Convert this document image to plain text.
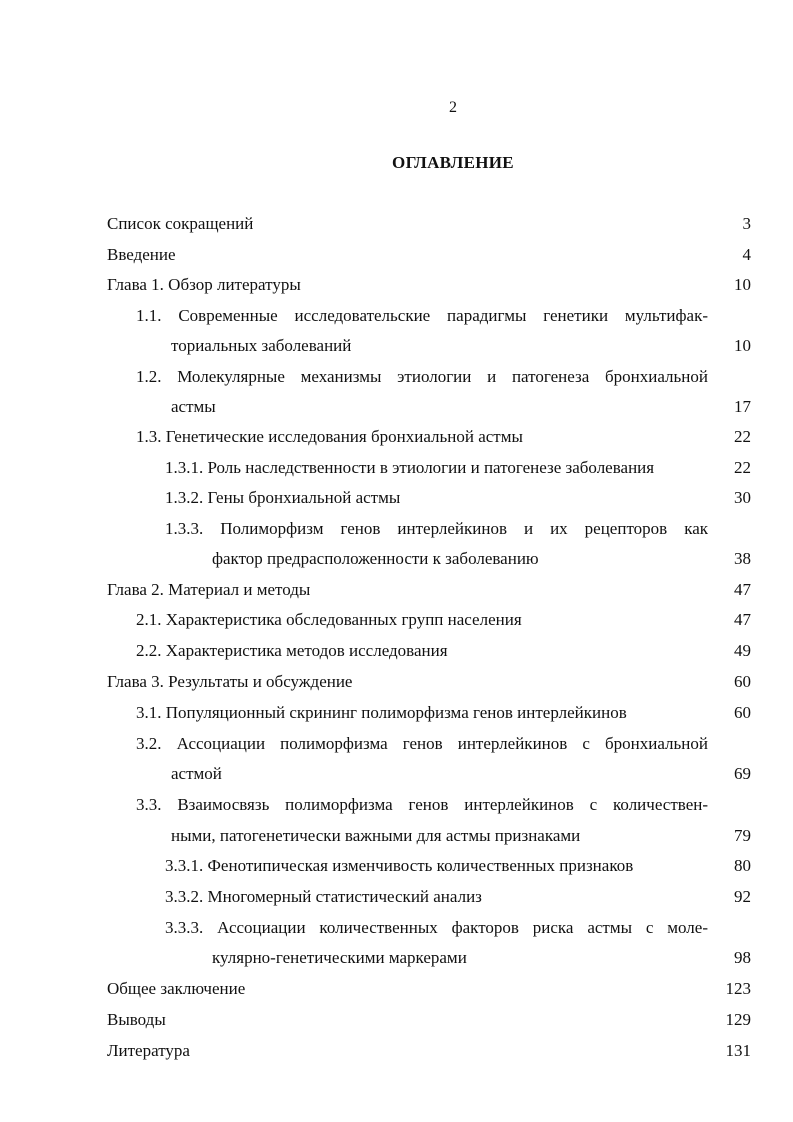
2
ОГЛАВЛЕНИЕ
Список сокращений	3
Введение	4
Глава 1. Обзор литературы	10
1.1. Современные исследовательские парадигмы генетики мультифак-
ториальных заболеваний	10
1.2. Молекулярные механизмы этиологии и патогенеза бронхиальной
астмы	17
1.3. Генетические исследования бронхиальной астмы	22
1.3.1. Роль наследственности в этиологии и патогенезе заболевания	22
1.3.2. Гены бронхиальной астмы	30
1.3.3. Полиморфизм генов интерлейкинов и их рецепторов как
фактор предрасположенности к заболеванию	38
Глава 2. Материал и методы	47
2.1. Характеристика обследованных групп населения	47
2.2. Характеристика методов исследования	49
Глава 3. Результаты и обсуждение	60
3.1. Популяционный скрининг полиморфизма генов интерлейкинов	60
3.2. Ассоциации полиморфизма генов интерлейкинов с бронхиальной
астмой	69
3.3. Взаимосвязь полиморфизма генов интерлейкинов с количествен-
ными, патогенетически важными для астмы признаками	79
3.3.1. Фенотипическая изменчивость количественных признаков	80
3.3.2. Многомерный статистический анализ	92
3.3.3. Ассоциации количественных факторов риска астмы с моле-
кулярно-генетическими маркерами	98
Общее заключение	123
Выводы	129
Литература	131
